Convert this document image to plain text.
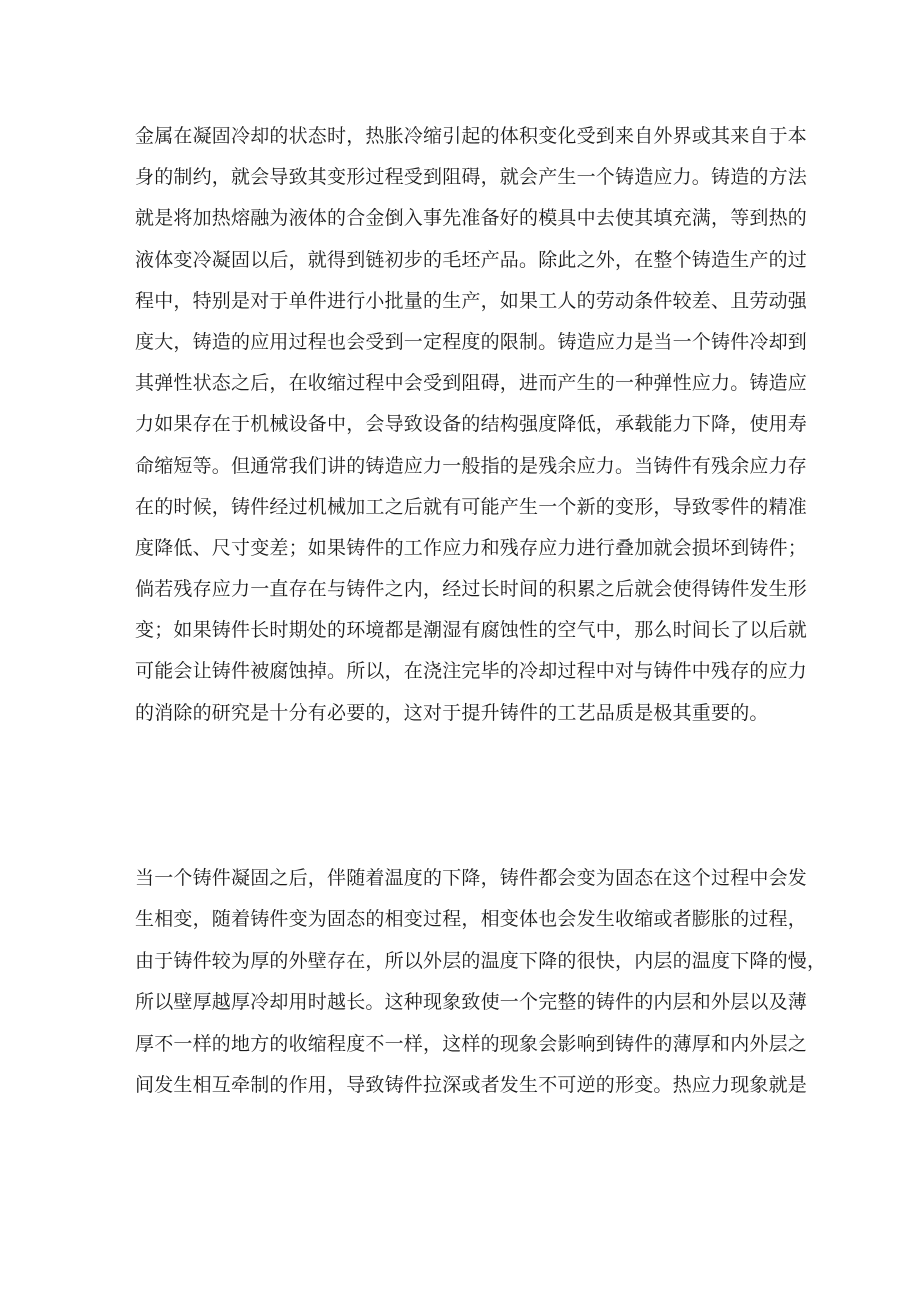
金属在凝固冷却的状态时，热胀冷缩引起的体积变化受到来自外界或其来自于本
身的制约，就会导致其变形过程受到阻碍，就会产生一个铸造应力。铸造的方法
就是将加热熔融为液体的合金倒入事先准备好的模具中去使其填充满，等到热的
液体变冷凝固以后，就得到链初步的毛坯产品。除此之外，在整个铸造生产的过
程中，特别是对于单件进行小批量的生产，如果工人的劳动条件较差、且劳动强
度大，铸造的应用过程也会受到一定程度的限制。铸造应力是当一个铸件冷却到
其弹性状态之后，在收缩过程中会受到阻碍，进而产生的一种弹性应力。铸造应
力如果存在于机械设备中，会导致设备的结构强度降低，承载能力下降，使用寿
命缩短等。但通常我们讲的铸造应力一般指的是残余应力。当铸件有残余应力存
在的时候，铸件经过机械加工之后就有可能产生一个新的变形，导致零件的精准
度降低、尺寸变差；如果铸件的工作应力和残存应力进行叠加就会损坏到铸件；
倘若残存应力一直存在与铸件之内，经过长时间的积累之后就会使得铸件发生形
变；如果铸件长时期处的环境都是潮湿有腐蚀性的空气中，那么时间长了以后就
可能会让铸件被腐蚀掉。所以，在浇注完毕的冷却过程中对与铸件中残存的应力
的消除的研究是十分有必要的，这对于提升铸件的工艺品质是极其重要的。
当一个铸件凝固之后，伴随着温度的下降，铸件都会变为固态在这个过程中会发
生相变，随着铸件变为固态的相变过程，相变体也会发生收缩或者膨胀的过程，
由于铸件较为厚的外壁存在，所以外层的温度下降的很快，内层的温度下降的慢，
所以壁厚越厚冷却用时越长。这种现象致使一个完整的铸件的内层和外层以及薄
厚不一样的地方的收缩程度不一样，这样的现象会影响到铸件的薄厚和内外层之
间发生相互牵制的作用，导致铸件拉深或者发生不可逆的形变。热应力现象就是
